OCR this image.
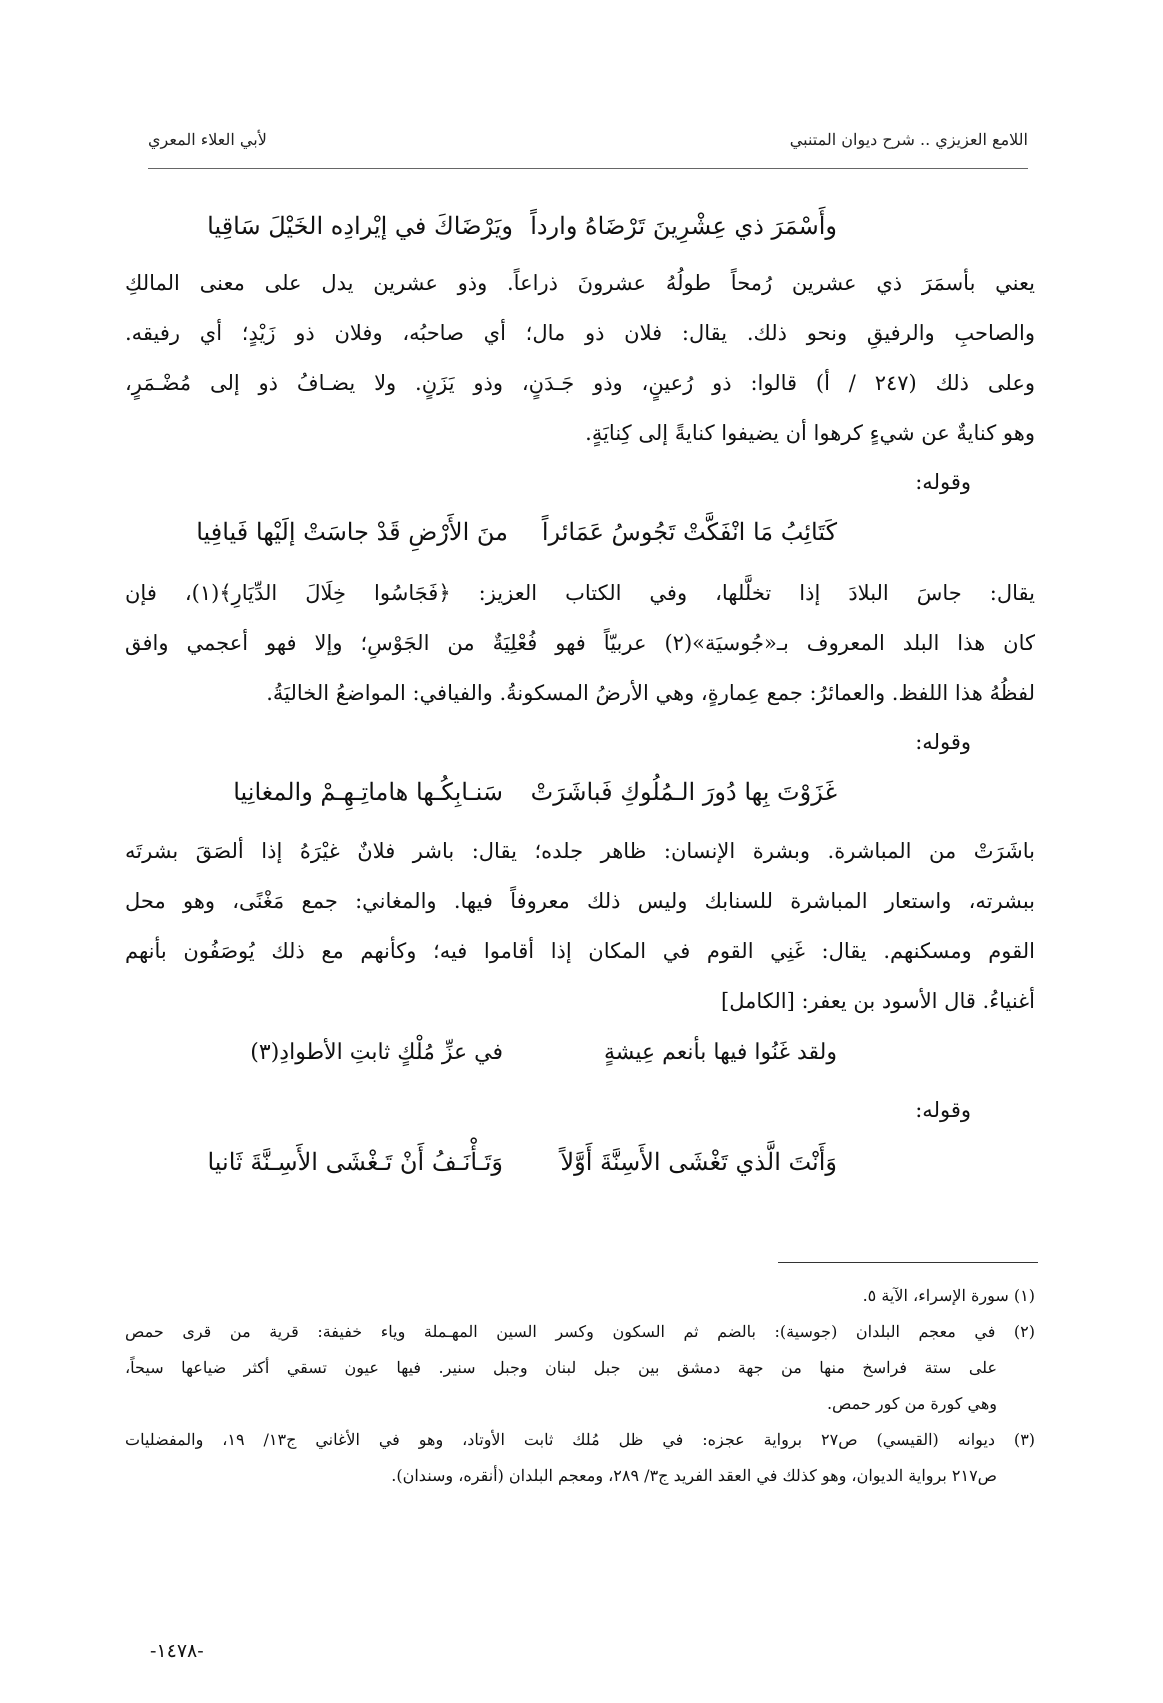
اللامع العزيزي .. شرح ديوان المتنبي
لأبي العلاء المعري
وأَسْمَرَ ذي عِشْرِينَ تَرْضَاهُ وارداً
ويَرْضَاكَ في إيْرادِه الخَيْلَ سَاقِيا
يعني بأسمَرَ ذي عشرين رُمحاً طولُهُ عشرونَ ذراعاً. وذو عشرين يدل على معنى المالكِ
والصاحبِ والرفيقِ ونحو ذلك. يقال: فلان ذو مال؛ أي صاحبُه، وفلان ذو زَيْدٍ؛ أي رفيقه.
وعلى ذلك (٢٤٧ / أ) قالوا: ذو رُعينٍ، وذو جَـدَنٍ، وذو يَزَنٍ. ولا يضـافُ ذو إلى مُضْـمَرٍ،
وهو كنايةٌ عن شيءٍ كرهوا أن يضيفوا كنايةً إلى كِنايَةٍ.
وقوله:
كَتَائِبُ مَا انْفَكَّتْ تَجُوسُ عَمَائراً
منَ الأَرْضِ قَدْ جاسَتْ إلَيْها فَيافِيا
يقال: جاسَ البلادَ إذا تخلَّلها، وفي الكتاب العزيز: ﴿فَجَاسُوا خِلَالَ الدِّيَارِ﴾(١)، فإن
كان هذا البلد المعروف بـ«جُوسيَة»(٢) عربيّاً فهو فُعْلِيَةٌ من الجَوْسِ؛ وإلا فهو أعجمي وافق
لفظُهُ هذا اللفظ. والعمائرُ: جمع عِمارةٍ، وهي الأرضُ المسكونةُ. والفيافي: المواضعُ الخاليَةُ.
وقوله:
غَزَوْتَ بِها دُورَ الـمُلُوكِ فَباشَرَتْ
سَنـابِكُـها هاماتِـهِـمْ والمغانِيا
باشَرَتْ من المباشرة. وبشرة الإنسان: ظاهر جلده؛ يقال: باشر فلانٌ غيْرَهُ إذا ألصَقَ بشرتَه
ببشرته، واستعار المباشرة للسنابك وليس ذلك معروفاً فيها. والمغاني: جمع مَغْنًى، وهو محل
القوم ومسكنهم. يقال: غَنِي القوم في المكان إذا أقاموا فيه؛ وكأنهم مع ذلك يُوصَفُون بأنهم
أغنياءُ. قال الأسود بن يعفر: [الكامل]
ولقد غَنُوا فيها بأنعم عِيشةٍ
في عزِّ مُلْكٍ ثابتِ الأطوادِ(٣)
وقوله:
وَأَنْتَ الَّذي تَغْشَى الأَسِنَّةَ أَوَّلاً
وَتَـأْنَـفُ أَنْ تَـغْشَى الأَسِـنَّةَ ثَانيا
(١) سورة الإسراء، الآية ٥.
(٢) في معجم البلدان (جوسية): بالضم ثم السكون وكسر السين المهـملة وياء خفيفة: قرية من قرى حمص
على ستة فراسخ منها من جهة دمشق بين جبل لبنان وجبل سنير. فيها عيون تسقي أكثر ضياعها سيحاً،
وهي كورة من كور حمص.
(٣) ديوانه (القيسي) ص٢٧ برواية عجزه: في ظل مُلك ثابت الأوتاد، وهو في الأغاني ج١٣/ ١٩، والمفضليات
ص٢١٧ برواية الديوان، وهو كذلك في العقد الفريد ج٣/ ٢٨٩، ومعجم البلدان (أنقره، وسندان).
-١٤٧٨-
